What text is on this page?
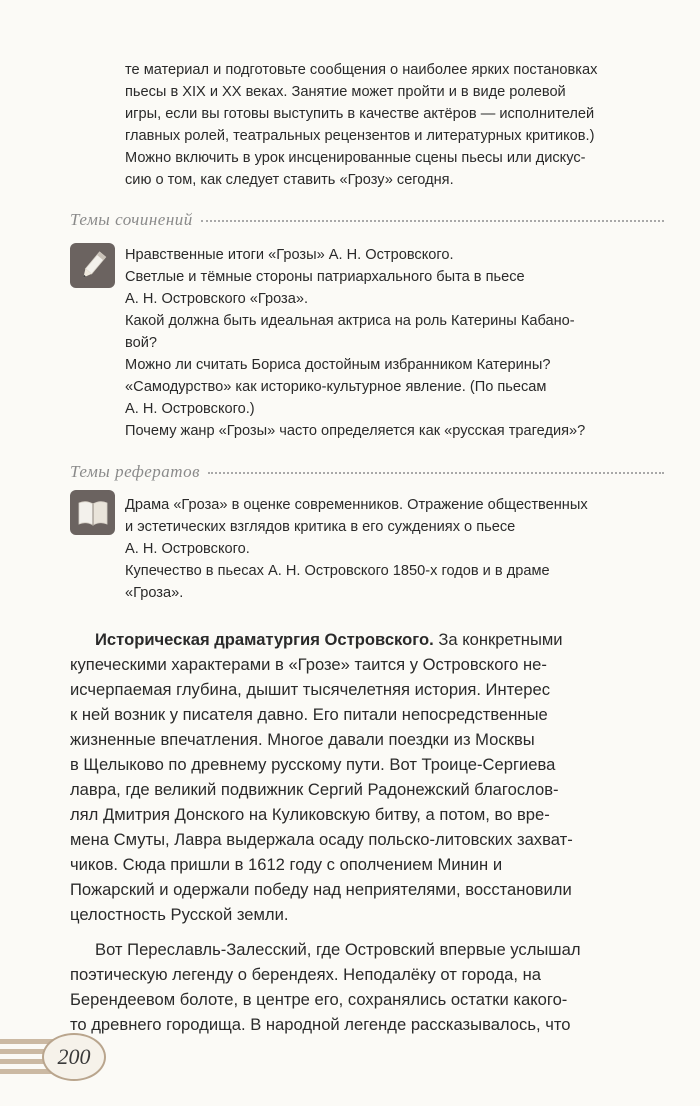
те материал и подготовьте сообщения о наиболее ярких постановках
пьесы в XIX и XX веках. Занятие может пройти и в виде ролевой
игры, если вы готовы выступить в качестве актёров — исполнителей
главных ролей, театральных рецензентов и литературных критиков.)
Можно включить в урок инсценированные сцены пьесы или дискус-
сию о том, как следует ставить «Грозу» сегодня.
Темы сочинений
Нравственные итоги «Грозы» А. Н. Островского.
Светлые и тёмные стороны патриархального быта в пьесе
А. Н. Островского «Гроза».
Какой должна быть идеальная актриса на роль Катерины Кабано-
вой?
Можно ли считать Бориса достойным избранником Катерины?
«Самодурство» как историко-культурное явление. (По пьесам
А. Н. Островского.)
Почему жанр «Грозы» часто определяется как «русская трагедия»?
Темы рефератов
Драма «Гроза» в оценке современников. Отражение общественных
и эстетических взглядов критика в его суждениях о пьесе
А. Н. Островского.
Купечество в пьесах А. Н. Островского 1850-х годов и в драме
«Гроза».
Историческая драматургия Островского. За конкретными
купеческими характерами в «Грозе» таится у Островского не-
исчерпаемая глубина, дышит тысячелетняя история. Интерес
к ней возник у писателя давно. Его питали непосредственные
жизненные впечатления. Многое давали поездки из Москвы
в Щелыково по древнему русскому пути. Вот Троице-Сергиева
лавра, где великий подвижник Сергий Радонежский благослов-
лял Дмитрия Донского на Куликовскую битву, а потом, во вре-
мена Смуты, Лавра выдержала осаду польско-литовских захват-
чиков. Сюда пришли в 1612 году с ополчением Минин и
Пожарский и одержали победу над неприятелями, восстановили
целостность Русской земли.
Вот Переславль-Залесский, где Островский впервые услышал
поэтическую легенду о берендеях. Неподалёку от города, на
Берендеевом болоте, в центре его, сохранялись остатки какого-
то древнего городища. В народной легенде рассказывалось, что
200
